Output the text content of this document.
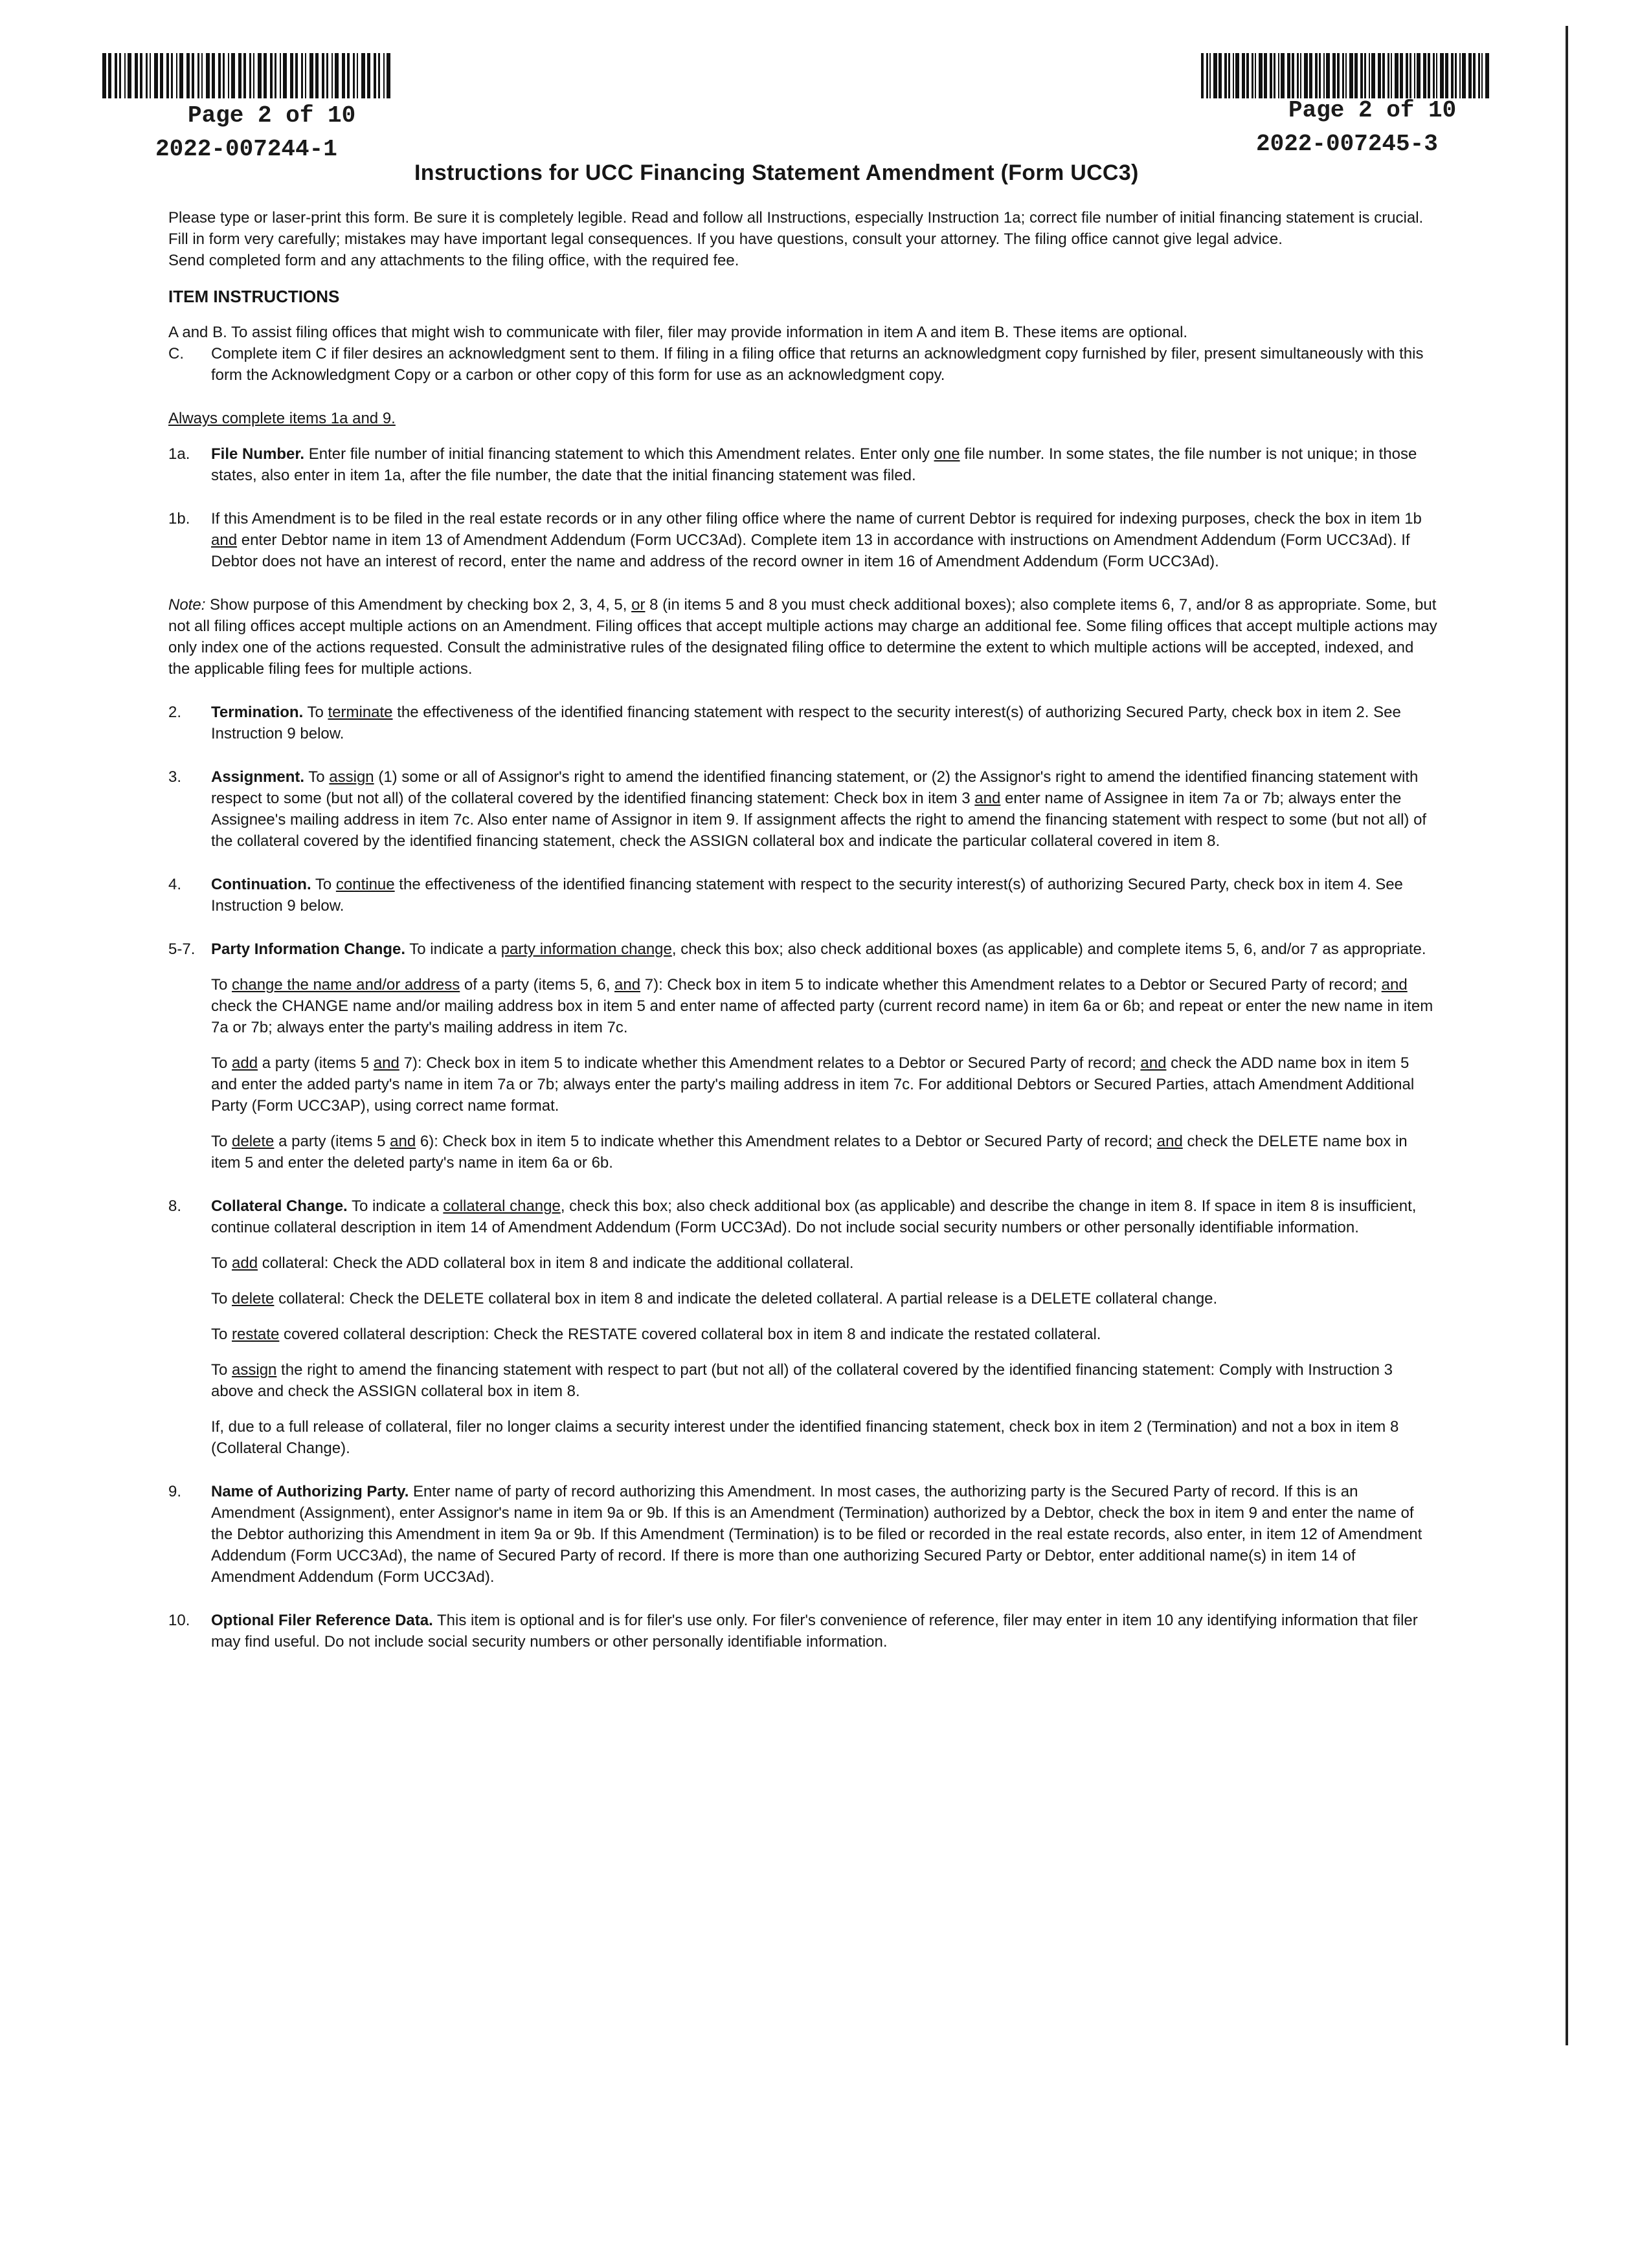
Page 2 of 10
2022-007244-1
Page 2 of 10
2022-007245-3
Instructions for UCC Financing Statement Amendment (Form UCC3)

Please type or laser-print this form. Be sure it is completely legible. Read and follow all Instructions, especially Instruction 1a; correct file number of initial financing statement is crucial.

Fill in form very carefully; mistakes may have important legal consequences. If you have questions, consult your attorney. The filing office cannot give legal advice.

Send completed form and any attachments to the filing office, with the required fee.

ITEM INSTRUCTIONS

A and B. To assist filing offices that might wish to communicate with filer, filer may provide information in item A and item B. These items are optional.

C.	Complete item C if filer desires an acknowledgment sent to them. If filing in a filing office that returns an acknowledgment copy furnished by filer, present simultaneously with this form the Acknowledgment Copy or a carbon or other copy of this form for use as an acknowledgment copy.

Always complete items 1a and 9.

1a.	File Number. Enter file number of initial financing statement to which this Amendment relates. Enter only one file number. In some states, the file number is not unique; in those states, also enter in item 1a, after the file number, the date that the initial financing statement was filed.
1b.	If this Amendment is to be filed in the real estate records or in any other filing office where the name of current Debtor is required for indexing purposes, check the box in item 1b and enter Debtor name in item 13 of Amendment Addendum (Form UCC3Ad). Complete item 13 in accordance with instructions on Amendment Addendum (Form UCC3Ad). If Debtor does not have an interest of record, enter the name and address of the record owner in item 16 of Amendment Addendum (Form UCC3Ad).

Note: Show purpose of this Amendment by checking box 2, 3, 4, 5, or 8 (in items 5 and 8 you must check additional boxes); also complete items 6, 7, and/or 8 as appropriate. Some, but not all filing offices accept multiple actions on an Amendment. Filing offices that accept multiple actions may charge an additional fee. Some filing offices that accept multiple actions may only index one of the actions requested. Consult the administrative rules of the designated filing office to determine the extent to which multiple actions will be accepted, indexed, and the applicable filing fees for multiple actions.

2.	Termination. To terminate the effectiveness of the identified financing statement with respect to the security interest(s) of authorizing Secured Party, check box in item 2. See Instruction 9 below.
3.	Assignment. To assign (1) some or all of Assignor's right to amend the identified financing statement, or (2) the Assignor's right to amend the identified financing statement with respect to some (but not all) of the collateral covered by the identified financing statement: Check box in item 3 and enter name of Assignee in item 7a or 7b; always enter the Assignee's mailing address in item 7c. Also enter name of Assignor in item 9. If assignment affects the right to amend the financing statement with respect to some (but not all) of the collateral covered by the identified financing statement, check the ASSIGN collateral box and indicate the particular collateral covered in item 8.
4.	Continuation. To continue the effectiveness of the identified financing statement with respect to the security interest(s) of authorizing Secured Party, check box in item 4. See Instruction 9 below.
5-7.	Party Information Change. To indicate a party information change, check this box; also check additional boxes (as applicable) and complete items 5, 6, and/or 7 as appropriate.

To change the name and/or address of a party (items 5, 6, and 7): Check box in item 5 to indicate whether this Amendment relates to a Debtor or Secured Party of record; and check the CHANGE name and/or mailing address box in item 5 and enter name of affected party (current record name) in item 6a or 6b; and repeat or enter the new name in item 7a or 7b; always enter the party's mailing address in item 7c.

To add a party (items 5 and 7): Check box in item 5 to indicate whether this Amendment relates to a Debtor or Secured Party of record; and check the ADD name box in item 5 and enter the added party's name in item 7a or 7b; always enter the party's mailing address in item 7c. For additional Debtors or Secured Parties, attach Amendment Additional Party (Form UCC3AP), using correct name format.

To delete a party (items 5 and 6): Check box in item 5 to indicate whether this Amendment relates to a Debtor or Secured Party of record; and check the DELETE name box in item 5 and enter the deleted party's name in item 6a or 6b.

8.	Collateral Change. To indicate a collateral change, check this box; also check additional box (as applicable) and describe the change in item 8. If space in item 8 is insufficient, continue collateral description in item 14 of Amendment Addendum (Form UCC3Ad). Do not include social security numbers or other personally identifiable information.

To add collateral: Check the ADD collateral box in item 8 and indicate the additional collateral.

To delete collateral: Check the DELETE collateral box in item 8 and indicate the deleted collateral. A partial release is a DELETE collateral change.

To restate covered collateral description: Check the RESTATE covered collateral box in item 8 and indicate the restated collateral.

To assign the right to amend the financing statement with respect to part (but not all) of the collateral covered by the identified financing statement: Comply with Instruction 3 above and check the ASSIGN collateral box in item 8.

If, due to a full release of collateral, filer no longer claims a security interest under the identified financing statement, check box in item 2 (Termination) and not a box in item 8 (Collateral Change).

9.	Name of Authorizing Party. Enter name of party of record authorizing this Amendment. In most cases, the authorizing party is the Secured Party of record. If this is an Amendment (Assignment), enter Assignor's name in item 9a or 9b. If this is an Amendment (Termination) authorized by a Debtor, check the box in item 9 and enter the name of the Debtor authorizing this Amendment in item 9a or 9b. If this Amendment (Termination) is to be filed or recorded in the real estate records, also enter, in item 12 of Amendment Addendum (Form UCC3Ad), the name of Secured Party of record. If there is more than one authorizing Secured Party or Debtor, enter additional name(s) in item 14 of Amendment Addendum (Form UCC3Ad).
10.	Optional Filer Reference Data. This item is optional and is for filer's use only. For filer's convenience of reference, filer may enter in item 10 any identifying information that filer may find useful. Do not include social security numbers or other personally identifiable information.
